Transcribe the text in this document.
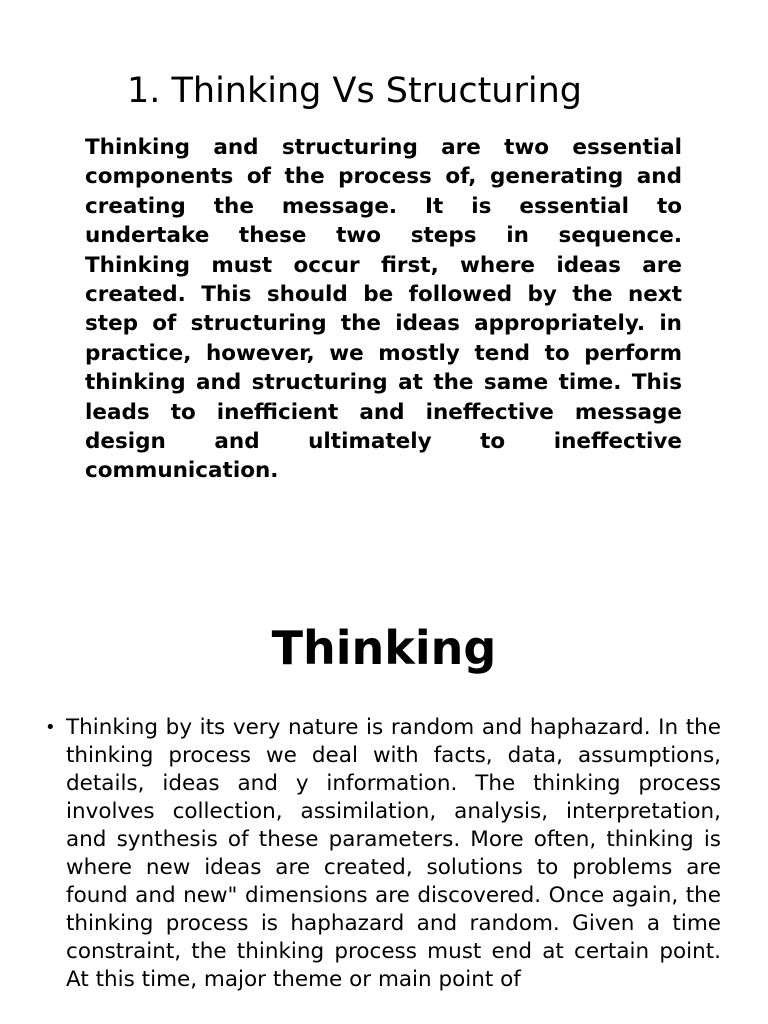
1. Thinking Vs Structuring

Thinking and structuring are two essential components of the process of, generating and creating the message. It is essential to undertake these two steps in sequence. Thinking must occur first, where ideas are created. This should be followed by the next step of structuring the ideas appropriately. in practice, however, we mostly tend to perform thinking and structuring at the same time. This leads to inefficient and ineffective message design and ultimately to ineffective communication.

Thinking
• Thinking by its very nature is random and haphazard. In the thinking process we deal with facts, data, assumptions, details, ideas and y information. The thinking process involves collection, assimilation, analysis, interpretation, and synthesis of these parameters. More often, thinking is where new ideas are created, solutions to problems are found and new" dimensions are discovered. Once again, the thinking process is haphazard and random. Given a time constraint, the thinking process must end at certain point. At this time, major theme or main point of
